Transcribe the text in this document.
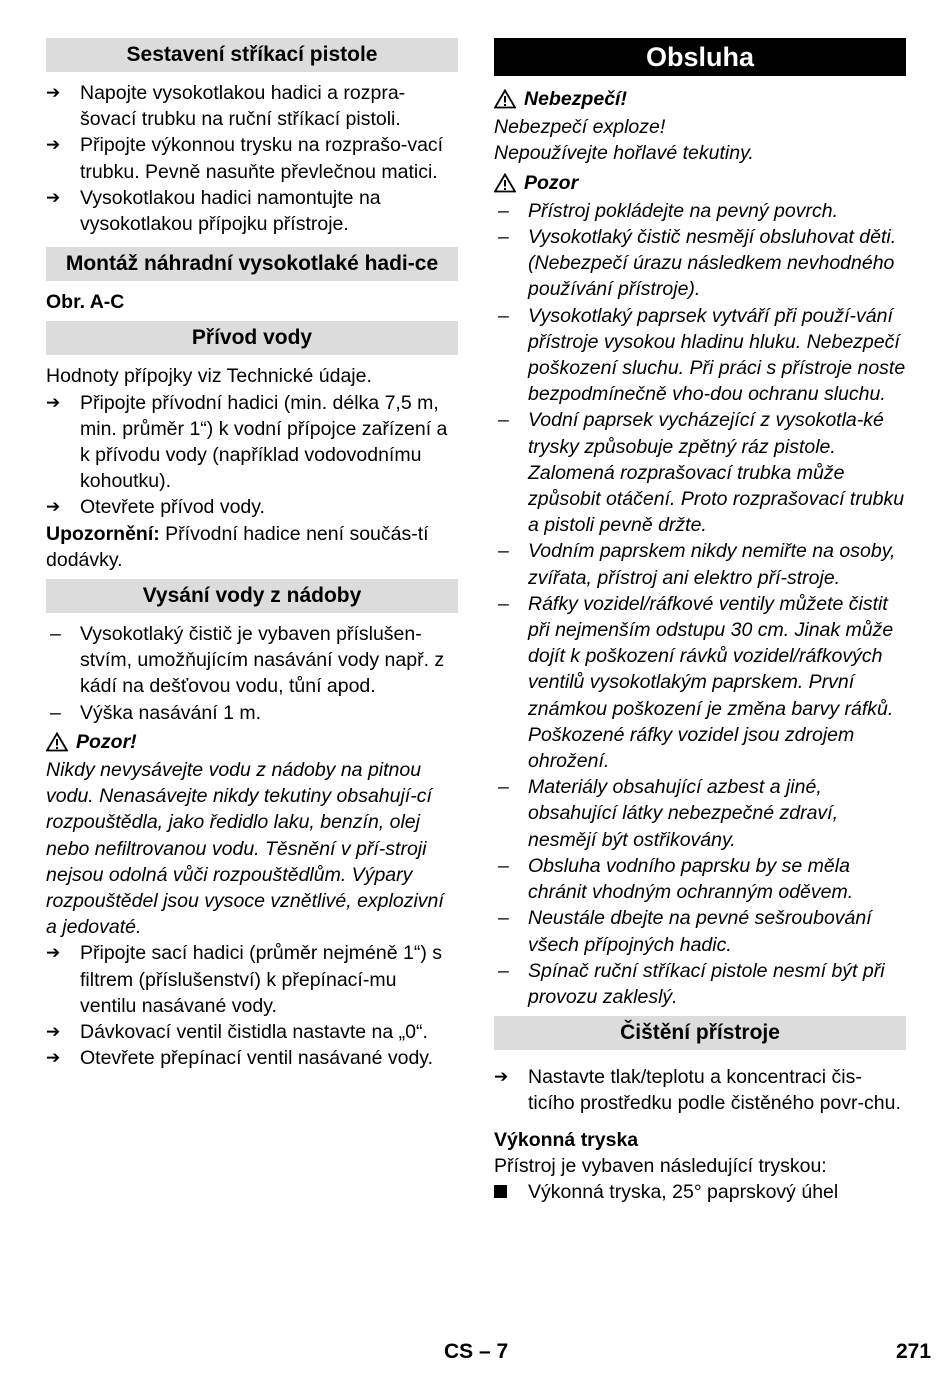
Sestavení stříkací pistole
➔	Napojte vysokotlakou hadici a rozpra-šovací trubku na ruční stříkací pistoli.
➔	Připojte výkonnou trysku na rozprašo-vací trubku. Pevně nasuňte převlečnou matici.
➔	Vysokotlakou hadici namontujte na vysokotlakou přípojku přístroje.
Montáž náhradní vysokotlaké hadi-ce

Obr. A-C

Přívod vody

Hodnoty přípojky viz Technické údaje.

➔	Připojte přívodní hadici (min. délka 7,5 m, min. průměr 1“) k vodní přípojce zařízení a k přívodu vody (například vodovodnímu kohoutku).
➔	Otevřete přívod vody.

Upozornění: Přívodní hadice není součás-tí dodávky.

Vysání vody z nádoby
– Vysokotlaký čistič je vybaven příslušen-stvím, umožňujícím nasávání vody např. z kádí na dešťovou vodu, tůní apod.
– Výška nasávání 1 m.
Pozor!

Nikdy nevysávejte vodu z nádoby na pitnou vodu. Nenasávejte nikdy tekutiny obsahují-cí rozpouštědla, jako ředidlo laku, benzín, olej nebo nefiltrovanou vodu. Těsnění v pří-stroji nejsou odolná vůči rozpouštědlům. Výpary rozpouštědel jsou vysoce vznětlivé, explozivní a jedovaté.

➔	Připojte sací hadici (průměr nejméně 1“) s filtrem (příslušenství) k přepínací-mu ventilu nasávané vody.
➔	Dávkovací ventil čistidla nastavte na „0“.
➔	Otevřete přepínací ventil nasávané vody.
Obsluha
Nebezpečí!

Nebezpečí exploze!

Nepoužívejte hořlavé tekutiny.

Pozor
– Přístroj pokládejte na pevný povrch.
– Vysokotlaký čistič nesmějí obsluhovat děti. (Nebezpečí úrazu následkem nevhodného používání přístroje).
– Vysokotlaký paprsek vytváří při použí-vání přístroje vysokou hladinu hluku. Nebezpečí poškození sluchu. Při práci s přístroje noste bezpodmínečně vho-dou ochranu sluchu.
– Vodní paprsek vycházející z vysokotla-ké trysky způsobuje zpětný ráz pistole. Zalomená rozprašovací trubka může způsobit otáčení. Proto rozprašovací trubku a pistoli pevně držte.
– Vodním paprskem nikdy nemiřte na osoby, zvířata, přístroj ani elektro pří-stroje.
– Ráfky vozidel/ráfkové ventily můžete čistit při nejmenším odstupu 30 cm. Jinak může dojít k poškození rávků vozidel/ráfkových ventilů vysokotlakým paprskem. První známkou poškození je změna barvy ráfků. Poškozené ráfky vozidel jsou zdrojem ohrožení.
– Materiály obsahující azbest a jiné, obsahující látky nebezpečné zdraví, nesmějí být ostřikovány.
– Obsluha vodního paprsku by se měla chránit vhodným ochranným oděvem.
– Neustále dbejte na pevné sešroubování všech přípojných hadic.
– Spínač ruční stříkací pistole nesmí být při provozu zakleslý.
Čištění přístroje
➔	Nastavte tlak/teplotu a koncentraci čis-ticího prostředku podle čistěného povr-chu.

Výkonná tryska

Přístroj je vybaven následující tryskou:

Výkonná tryska, 25° paprskový úhel
CS – 7	271
